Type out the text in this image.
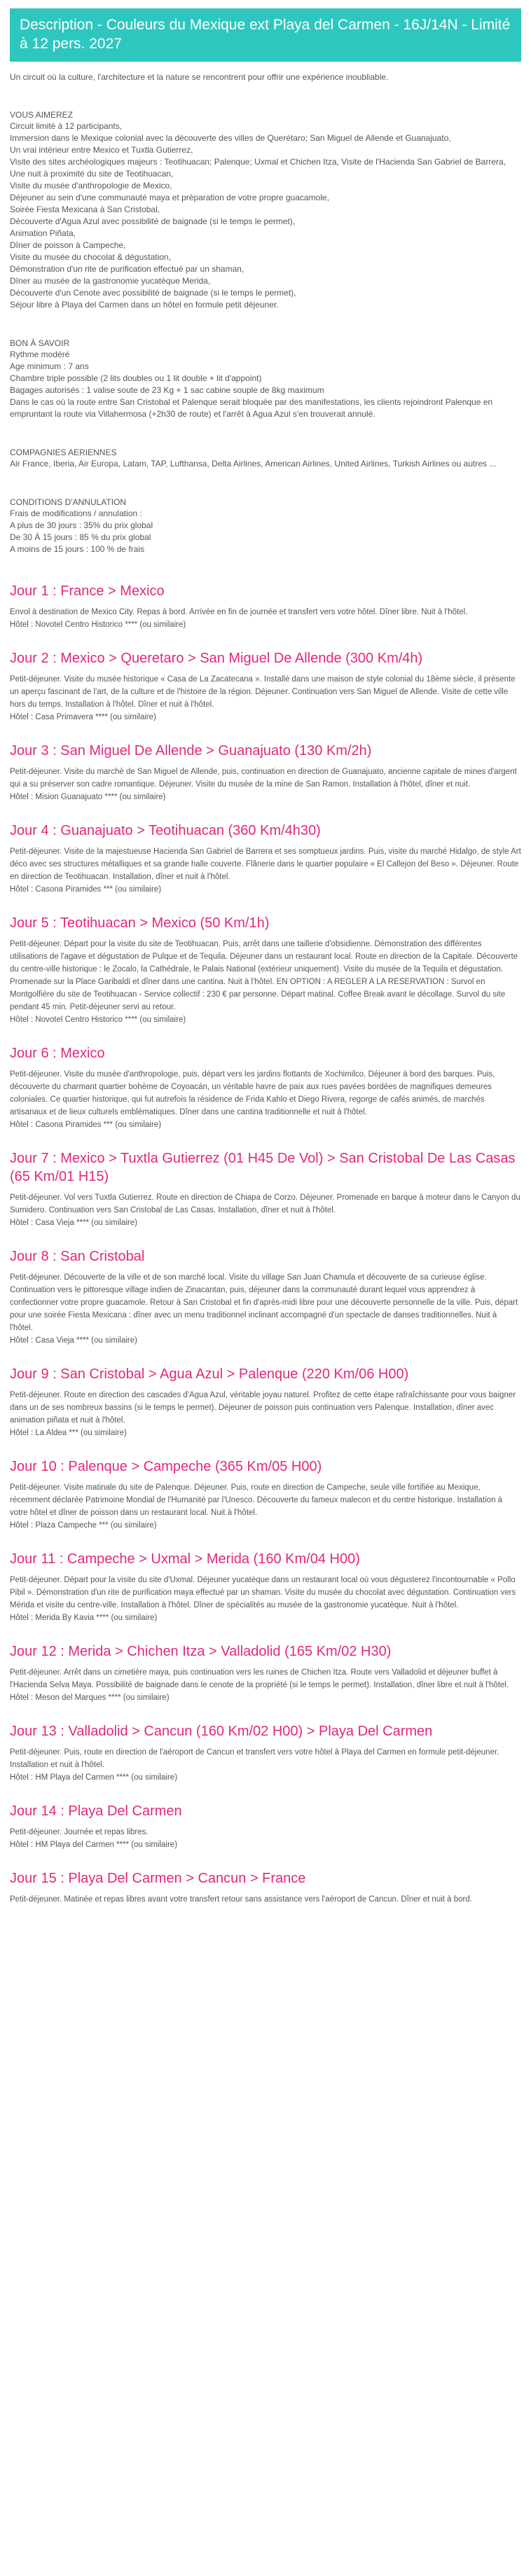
Description - Couleurs du Mexique ext Playa del Carmen - 16J/14N - Limité à 12 pers. 2027

Un circuit où la culture, l'architecture et la nature se rencontrent pour offrir une expérience inoubliable.

VOUS AIMEREZ

Circuit limité à 12 participants,

Immersion dans le Mexique colonial avec la découverte des villes de Querétaro; San Miguel de Allende et Guanajuato,

Un vrai intérieur entre Mexico et Tuxtla Gutierrez,

Visite des sites archéologiques majeurs : Teotihuacan; Palenque; Uxmal et Chichen Itza, Visite de l'Hacienda San Gabriel de Barrera,

Une nuit à proximité du site de Teotihuacan,

Visite du musée d'anthropologie de Mexico,

Déjeuner au sein d'une communauté maya et préparation de votre propre guacamole,

Soirée Fiesta Mexicana à San Cristobal,

Découverte d'Agua Azul avec possibilité de baignade (si le temps le permet),

Animation Piñata,

Dîner de poisson à Campeche,

Visite du musée du chocolat & dégustation,

Démonstration d'un rite de purification effectué par un shaman,

Dîner au musée de la gastronomie yucatèque Merida,

Découverte d'un Cenote avec possibilité de baignade (si le temps le permet),

Séjour libre à Playa del Carmen dans un hôtel en formule petit déjeuner.

BON À SAVOIR

Rythme modéré

Age minimum : 7 ans

Chambre triple possible (2 lits doubles ou 1 lit double + lit d'appoint)

Bagages autorisés : 1 valise soute de 23 Kg + 1 sac cabine souple de 8kg maximum

Dans le cas où la route entre San Cristobal et Palenque serait bloquée par des manifestations, les clients rejoindront Palenque en empruntant la route via Villahermosa (+2h30 de route) et l'arrêt à Agua Azul s'en trouverait annulé.

COMPAGNIES AERIENNES

Air France, Iberia, Air Europa, Latam, TAP, Lufthansa, Delta Airlines, American Airlines, United Airlines, Turkish Airlines ou autres ...

CONDITIONS D'ANNULATION

Frais de modifications / annulation :

A plus de 30 jours : 35% du prix global

De 30 À 15 jours : 85 % du prix global

A moins de 15 jours : 100 % de frais

Jour 1 : France > Mexico

Envol à destination de Mexico City. Repas à bord. Arrivée en fin de journée et transfert vers votre hôtel. Dîner libre. Nuit à l'hôtel.

Hôtel : Novotel Centro Historico **** (ou similaire)

Jour 2 : Mexico > Queretaro > San Miguel De Allende (300 Km/4h)

Petit-déjeuner. Visite du musée historique « Casa de La Zacatecana ». Installé dans une maison de style colonial du 18ème siècle, il présente un aperçu fascinant de l'art, de la culture et de l'histoire de la région. Déjeuner. Continuation vers San Miguel de Allende. Visite de cette ville hors du temps. Installation à l'hôtel. Dîner et nuit à l'hôtel.

Hôtel : Casa Primavera **** (ou similaire)

Jour 3 : San Miguel De Allende > Guanajuato (130 Km/2h)

Petit-déjeuner. Visite du marché de San Miguel de Allende, puis, continuation en direction de Guanajuato, ancienne capitale de mines d'argent qui a su préserver son cadre romantique. Déjeuner. Visite du musée de la mine de San Ramon. Installation à l'hôtel, dîner et nuit.

Hôtel : Mision Guanajuato **** (ou similaire)

Jour 4 : Guanajuato > Teotihuacan (360 Km/4h30)

Petit-déjeuner. Visite de la majestueuse Hacienda San Gabriel de Barrera et ses somptueux jardins. Puis, visite du marché Hidalgo, de style Art déco avec ses structures métalliques et sa grande halle couverte. Flânerie dans le quartier populaire « El Callejon del Beso ». Déjeuner. Route en direction de Teotihuacan. Installation, dîner et nuit à l'hôtel.

Hôtel : Casona Piramides *** (ou similaire)

Jour 5 : Teotihuacan > Mexico (50 Km/1h)

Petit-déjeuner. Départ pour la visite du site de Teotihuacan. Puis, arrêt dans une taillerie d'obsidienne. Démonstration des différentes utilisations de l'agave et dégustation de Pulque et de Tequila. Déjeuner dans un restaurant local. Route en direction de la Capitale. Découverte du centre-ville historique : le Zocalo, la Cathédrale, le Palais National (extérieur uniquement). Visite du musée de la Tequila et dégustation. Promenade sur la Place Garibaldi et dîner dans une cantina. Nuit à l'hôtel. EN OPTION : A REGLER A LA RESERVATION : Survol en Montgolfière du site de Teotihuacan - Service collectif : 230 € par personne. Départ matinal. Coffee Break avant le décollage. Survol du site pendant 45 min. Petit-déjeuner servi au retour.

Hôtel : Novotel Centro Historico **** (ou similaire)

Jour 6 : Mexico

Petit-déjeuner. Visite du musée d'anthropologie, puis, départ vers les jardins flottants de Xochimilco. Déjeuner à bord des barques. Puis, découverte du charmant quartier bohème de Coyoacán, un véritable havre de paix aux rues pavées bordées de magnifiques demeures coloniales. Ce quartier historique, qui fut autrefois la résidence de Frida Kahlo et Diego Rivera, regorge de cafés animés, de marchés artisanaux et de lieux culturels emblématiques. Dîner dans une cantina traditionnelle et nuit à l'hôtel.

Hôtel : Casona Piramides *** (ou similaire)

Jour 7 : Mexico > Tuxtla Gutierrez (01 H45 De Vol) > San Cristobal De Las Casas (65 Km/01 H15)

Petit-déjeuner. Vol vers Tuxtla Gutierrez. Route en direction de Chiapa de Corzo. Déjeuner. Promenade en barque à moteur dans le Canyon du Sumidero. Continuation vers San Cristobal de Las Casas. Installation, dîner et nuit à l'hôtel.

Hôtel : Casa Vieja **** (ou similaire)

Jour 8 : San Cristobal

Petit-déjeuner. Découverte de la ville et de son marché local. Visite du village San Juan Chamula et découverte de sa curieuse église. Continuation vers le pittoresque village indien de Zinacantan, puis, déjeuner dans la communauté durant lequel vous apprendrez à confectionner votre propre guacamole. Retour à San Cristobal et fin d'après-midi libre pour une découverte personnelle de la ville. Puis, départ pour une soirée Fiesta Mexicana : dîner avec un menu traditionnel inclinant accompagné d'un spectacle de danses traditionnelles. Nuit à l'hôtel.

Hôtel : Casa Vieja **** (ou similaire)

Jour 9 : San Cristobal > Agua Azul > Palenque (220 Km/06 H00)

Petit-déjeuner. Route en direction des cascades d'Agua Azul, véritable joyau naturel. Profitez de cette étape rafraîchissante pour vous baigner dans un de ses nombreux bassins (si le temps le permet). Déjeuner de poisson puis continuation vers Palenque. Installation, dîner avec animation piñata et nuit à l'hôtel.

Hôtel : La Aldea *** (ou similaire)

Jour 10 : Palenque > Campeche (365 Km/05 H00)

Petit-déjeuner. Visite matinale du site de Palenque. Déjeuner. Puis, route en direction de Campeche, seule ville fortifiée au Mexique, récemment déclarée Patrimoine Mondial de l'Humanité par l'Unesco. Découverte du fameux malecon et du centre historique. Installation à votre hôtel et dîner de poisson dans un restaurant local. Nuit à l'hôtel.

Hôtel : Plaza Campeche *** (ou similaire)

Jour 11 : Campeche > Uxmal > Merida (160 Km/04 H00)

Petit-déjeuner. Départ pour la visite du site d'Uxmal. Déjeuner yucatèque dans un restaurant local où vous dégusterez l'incontournable « Pollo Pibil ». Démonstration d'un rite de purification maya effectué par un shaman. Visite du musée du chocolat avec dégustation. Continuation vers Mérida et visite du centre-ville. Installation à l'hôtel. Dîner de spécialités au musée de la gastronomie yucatèque. Nuit à l'hôtel.

Hôtel : Merida By Kavia **** (ou similaire)

Jour 12 : Merida > Chichen Itza > Valladolid (165 Km/02 H30)

Petit-déjeuner. Arrêt dans un cimetière maya, puis continuation vers les ruines de Chichen Itza. Route vers Valladolid et déjeuner buffet à l'Hacienda Selva Maya. Possibilité de baignade dans le cenote de la propriété (si le temps le permet). Installation, dîner libre et nuit à l'hôtel.

Hôtel : Meson del Marques **** (ou similaire)

Jour 13 : Valladolid > Cancun (160 Km/02 H00) > Playa Del Carmen

Petit-déjeuner. Puis, route en direction de l'aéroport de Cancun et transfert vers votre hôtel à Playa del Carmen en formule petit-déjeuner. Installation et nuit à l'hôtel.

Hôtel : HM Playa del Carmen **** (ou similaire)

Jour 14 : Playa Del Carmen

Petit-déjeuner. Journée et repas libres.

Hôtel : HM Playa del Carmen **** (ou similaire)

Jour 15 : Playa Del Carmen > Cancun > France

Petit-déjeuner. Matinée et repas libres avant votre transfert retour sans assistance vers l'aéroport de Cancun. Dîner et nuit à bord.
